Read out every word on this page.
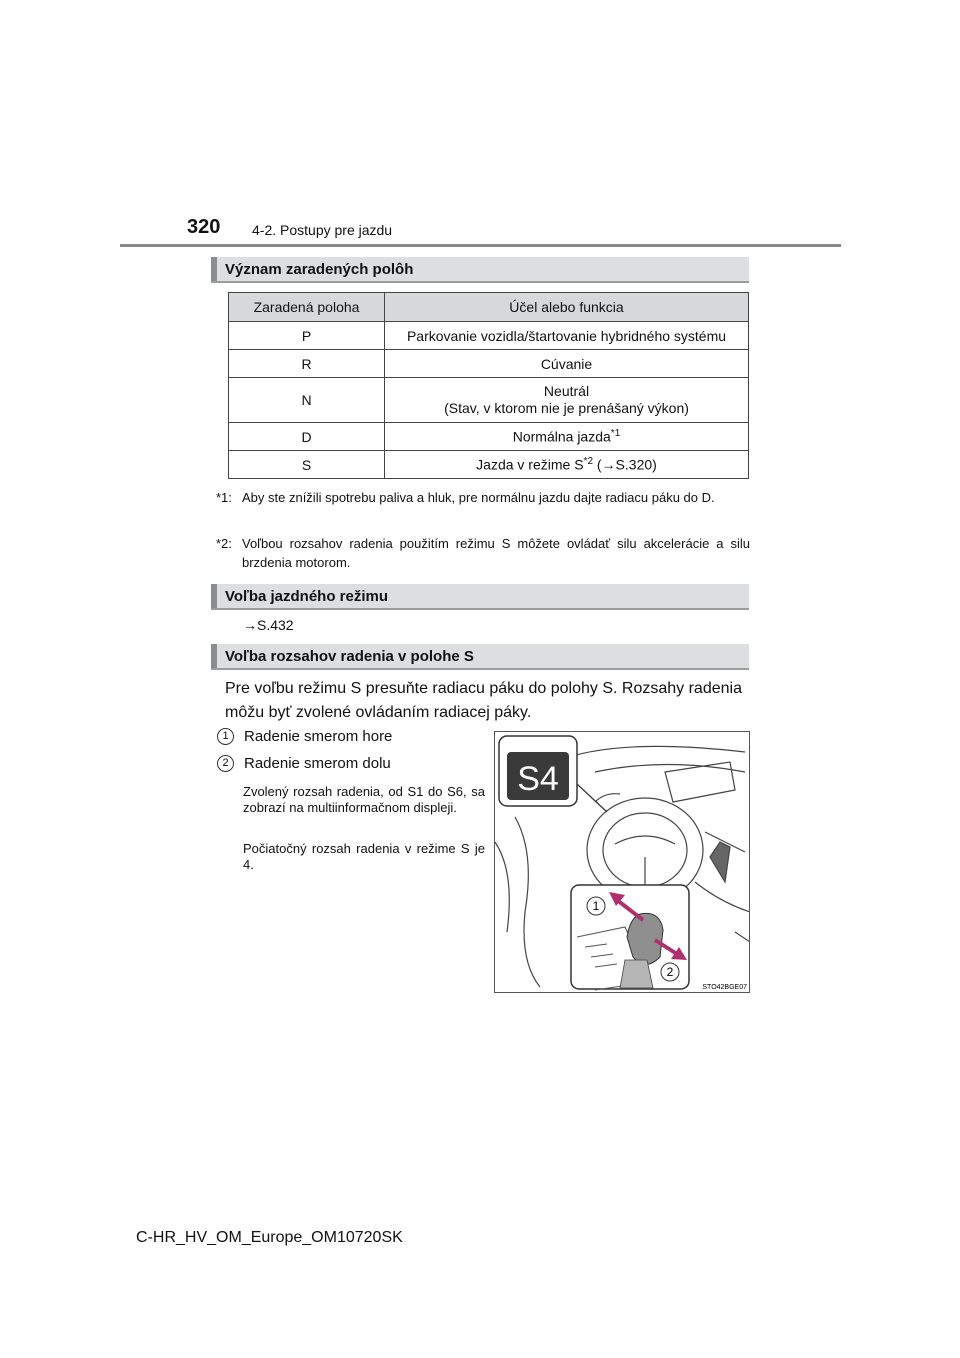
320 4-2. Postupy pre jazdu
Význam zaradených polôh
Zaradená poloha	Účel alebo funkcia
P	Parkovanie vozidla/štartovanie hybridného systému
R	Cúvanie
N	Neutrál
(Stav, v ktorom nie je prenášaný výkon)

D	Normálna jazda$^{*1}$
S	Jazda v režime $S^{*2}$ (→S.320)
*1: Aby ste znížili spotrebu paliva a hluk, pre normálnu jazdu dajte radiacu páku do D.
*2: Voľbou rozsahov radenia použitím režimu S môžete ovládať silu akcelerácie a silu brzdenia motorom.
Voľba jazdného režimu
→S.432
Voľba rozsahov radenia v polohe S
Pre voľbu režimu S presuňte radiacu páku do polohy S. Rozsahy radenia môžu byť zvolené ovládaním radiacej páky.
1	Radenie smerom hore
2	Radenie smerom dolu
Zvolený rozsah radenia, od S1 do S6, sa zobrazí na multiinformačnom displeji.
Počiatočný rozsah radenia v režime S je 4.
S4
1
2
STO42BGE07
C-HR_HV_OM_Europe_OM10720SK
